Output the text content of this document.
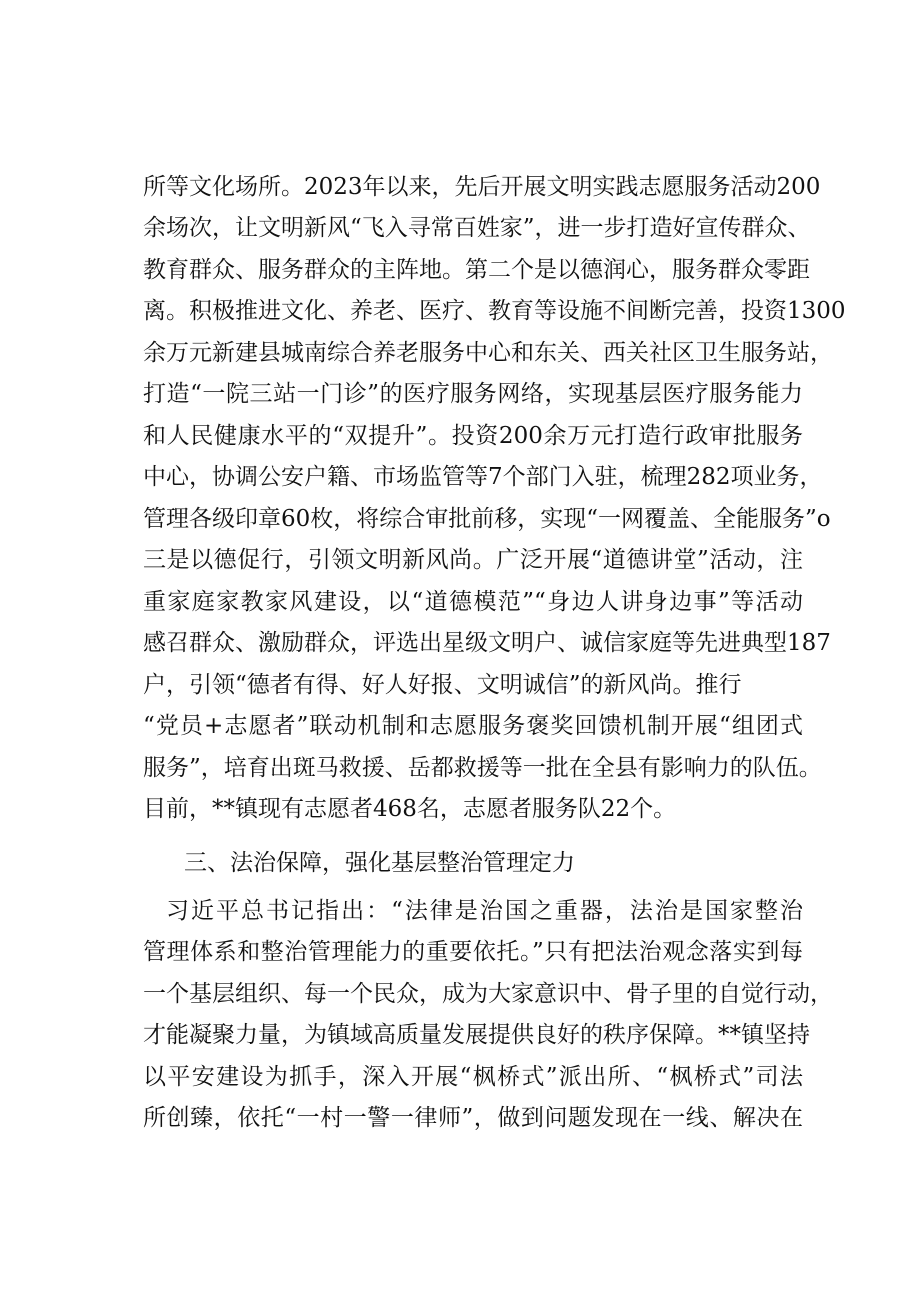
所等文化场所。2023年以来，先后开展文明实践志愿服务活动200
余场次，让文明新风“飞入寻常百姓家”，进一步打造好宣传群众、
教育群众、服务群众的主阵地。第二个是以德润心，服务群众零距
离。积极推进文化、养老、医疗、教育等设施不间断完善，投资1300
余万元新建县城南综合养老服务中心和东关、西关社区卫生服务站，
打造“一院三站一门诊”的医疗服务网络，实现基层医疗服务能力
和人民健康水平的“双提升”。投资200余万元打造行政审批服务
中心，协调公安户籍、市场监管等7个部门入驻，梳理282项业务，
管理各级印章60枚，将综合审批前移，实现“一网覆盖、全能服务”o
三是以德促行，引领文明新风尚。广泛开展“道德讲堂”活动，注
重家庭家教家风建设，以“道德模范”“身边人讲身边事”等活动
感召群众、激励群众，评选出星级文明户、诚信家庭等先进典型187
户，引领“德者有得、好人好报、文明诚信”的新风尚。推行
“党员+志愿者”联动机制和志愿服务褒奖回馈机制开展“组团式
服务”，培育出斑马救援、岳都救援等一批在全县有影响力的队伍。
目前，**镇现有志愿者468名，志愿者服务队22个。
三、法治保障，强化基层整治管理定力
习近平总书记指出：“法律是治国之重器，法治是国家整治
管理体系和整治管理能力的重要依托。”只有把法治观念落实到每
一个基层组织、每一个民众，成为大家意识中、骨子里的自觉行动，
才能凝聚力量，为镇域高质量发展提供良好的秩序保障。**镇坚持
以平安建设为抓手，深入开展“枫桥式”派出所、“枫桥式”司法
所创臻，依托“一村一警一律师”，做到问题发现在一线、解决在
